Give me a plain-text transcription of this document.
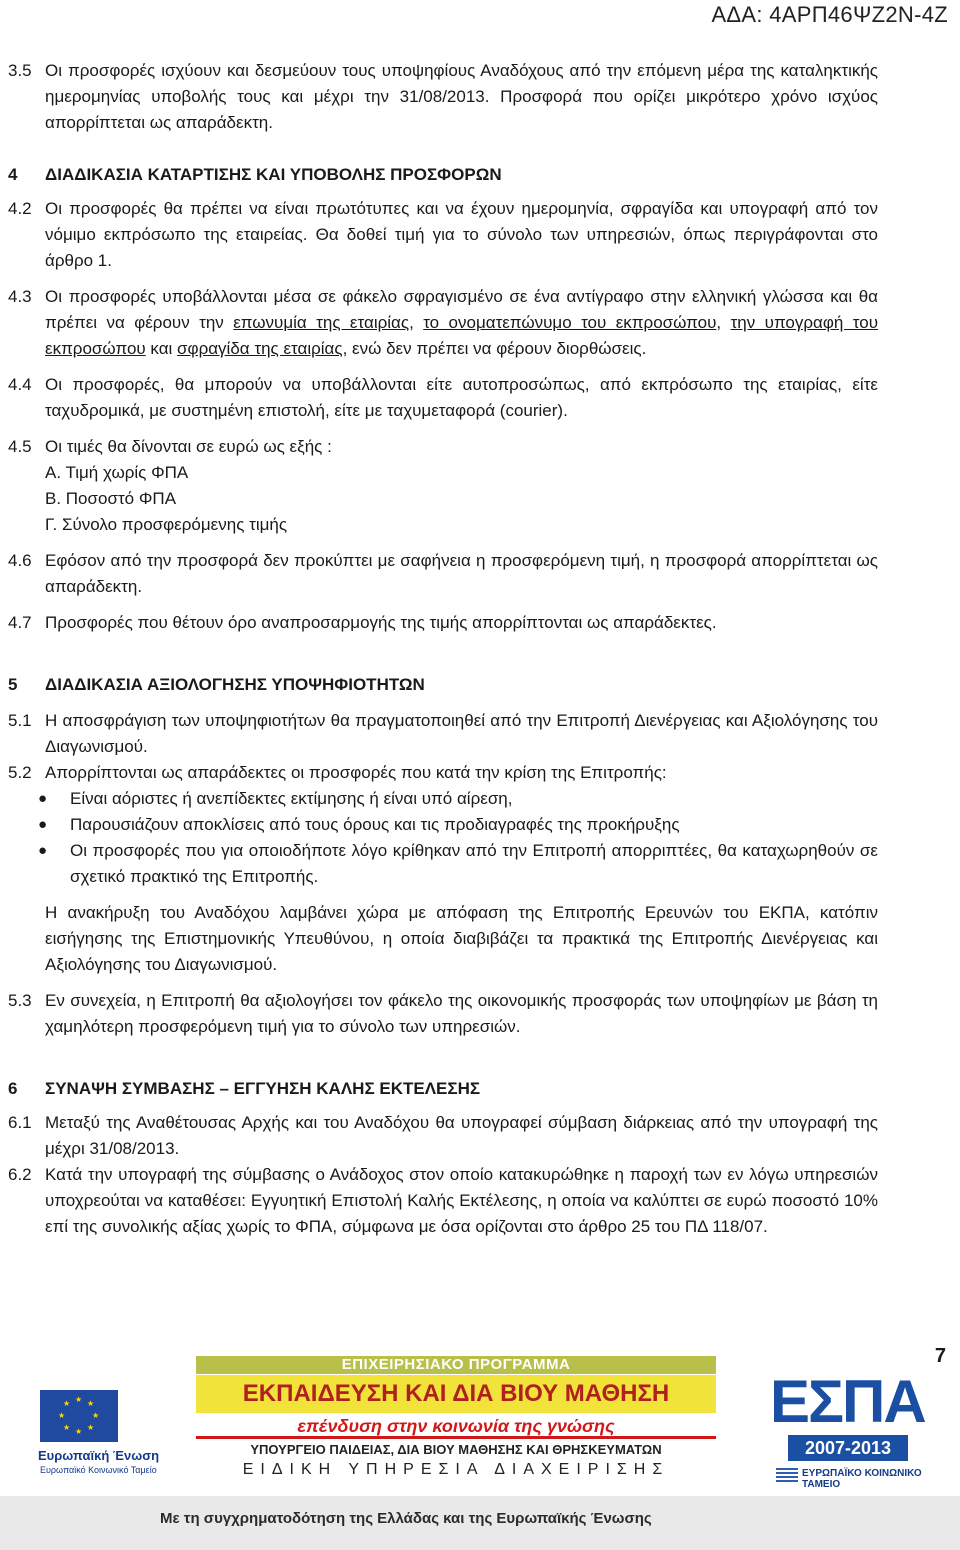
ΑΔΑ: 4ΑΡΠ46ΨΖ2Ν-4Ζ
3.5 Οι προσφορές ισχύουν και δεσμεύουν τους υποψηφίους Αναδόχους από την επόμενη μέρα της καταληκτικής ημερομηνίας υποβολής τους και μέχρι την 31/08/2013. Προσφορά που ορίζει μικρότερο χρόνο ισχύος απορρίπτεται ως απαράδεκτη.
4	ΔΙΑΔΙΚΑΣΙΑ ΚΑΤΑΡΤΙΣΗΣ ΚΑΙ ΥΠΟΒΟΛΗΣ ΠΡΟΣΦΟΡΩΝ
4.2 Οι προσφορές θα πρέπει να είναι πρωτότυπες και να έχουν ημερομηνία, σφραγίδα και υπογραφή από τον νόμιμο εκπρόσωπο της εταιρείας. Θα δοθεί τιμή για το σύνολο των υπηρεσιών, όπως περιγράφονται στο άρθρο 1.
4.3 Οι προσφορές υποβάλλονται μέσα σε φάκελο σφραγισμένο σε ένα αντίγραφο στην ελληνική γλώσσα και θα πρέπει να φέρουν την επωνυμία της εταιρίας, το ονοματεπώνυμο του εκπροσώπου, την υπογραφή του εκπροσώπου και σφραγίδα της εταιρίας, ενώ δεν πρέπει να φέρουν διορθώσεις.
4.4 Οι προσφορές, θα μπορούν να υποβάλλονται είτε αυτοπροσώπως, από εκπρόσωπο της εταιρίας, είτε ταχυδρομικά, με συστημένη επιστολή, είτε με ταχυμεταφορά (courier).
4.5 Οι τιμές θα δίνονται σε ευρώ ως εξής :
Α. Τιμή χωρίς ΦΠΑ
Β. Ποσοστό ΦΠΑ
Γ. Σύνολο προσφερόμενης τιμής
4.6 Εφόσον από την προσφορά δεν προκύπτει με σαφήνεια η προσφερόμενη τιμή, η προσφορά απορρίπτεται ως απαράδεκτη.
4.7 Προσφορές που θέτουν όρο αναπροσαρμογής της τιμής απορρίπτονται ως απαράδεκτες.
5	ΔΙΑΔΙΚΑΣΙΑ ΑΞΙΟΛΟΓΗΣΗΣ ΥΠΟΨΗΦΙΟΤΗΤΩΝ
5.1 Η αποσφράγιση των υποψηφιοτήτων θα πραγματοποιηθεί από την Επιτροπή Διενέργειας και Αξιολόγησης του Διαγωνισμού.
5.2 Απορρίπτονται ως απαράδεκτες οι προσφορές που κατά την κρίση της Επιτροπής:
●	Είναι αόριστες ή ανεπίδεκτες εκτίμησης ή είναι υπό αίρεση,
●	Παρουσιάζουν αποκλίσεις από τους όρους και τις προδιαγραφές της προκήρυξης
●	Οι προσφορές που για οποιοδήποτε λόγο κρίθηκαν από την Επιτροπή απορριπτέες, θα καταχωρηθούν σε σχετικό πρακτικό της Επιτροπής.
Η ανακήρυξη του Αναδόχου λαμβάνει χώρα με απόφαση της Επιτροπής Ερευνών του ΕΚΠΑ, κατόπιν εισήγησης της Επιστημονικής Υπευθύνου, η οποία διαβιβάζει τα πρακτικά της Επιτροπής Διενέργειας και Αξιολόγησης του Διαγωνισμού.
5.3 Εν συνεχεία, η Επιτροπή θα αξιολογήσει τον φάκελο της οικονομικής προσφοράς των υποψηφίων με βάση τη χαμηλότερη προσφερόμενη τιμή για το σύνολο των υπηρεσιών.
6	ΣΥΝΑΨΗ ΣΥΜΒΑΣΗΣ – ΕΓΓΥΗΣΗ ΚΑΛΗΣ ΕΚΤΕΛΕΣΗΣ
6.1 Μεταξύ της Αναθέτουσας Αρχής και του Αναδόχου θα υπογραφεί σύμβαση διάρκειας από την υπογραφή της μέχρι 31/08/2013.
6.2 Κατά την υπογραφή της σύμβασης ο Ανάδοχος στον οποίο κατακυρώθηκε η παροχή των εν λόγω υπηρεσιών υποχρεούται να καταθέσει: Εγγυητική Επιστολή Καλής Εκτέλεσης, η οποία να καλύπτει σε ευρώ ποσοστό 10% επί της συνολικής αξίας χωρίς το ΦΠΑ, σύμφωνα με όσα ορίζονται στο άρθρο 25 του ΠΔ 118/07.
7
★ ★
★
★
★
★
★
★
Ευρωπαϊκή Ένωση
Ευρωπαϊκό Κοινωνικό Ταμείο
ΕΠΙΧΕΙΡΗΣΙΑΚΟ ΠΡΟΓΡΑΜΜΑ
ΕΚΠΑΙΔΕΥΣΗ ΚΑΙ ΔΙΑ ΒΙΟΥ ΜΑΘΗΣΗ
επένδυση στην κοινωνία της γνώσης
ΥΠΟΥΡΓΕΙΟ ΠΑΙΔΕΙΑΣ, ΔΙΑ ΒΙΟΥ ΜΑΘΗΣΗΣ ΚΑΙ ΘΡΗΣΚΕΥΜΑΤΩΝ
ΕΙΔΙΚΗ ΥΠΗΡΕΣΙΑ ΔΙΑΧΕΙΡΙΣΗΣ
ΕΣΠΑ
2007-2013
ΕΥΡΩΠΑΪΚΟ ΚΟΙΝΩΝΙΚΟ ΤΑΜΕΙΟ
Με τη συγχρηματοδότηση της Ελλάδας και της Ευρωπαϊκής Ένωσης
